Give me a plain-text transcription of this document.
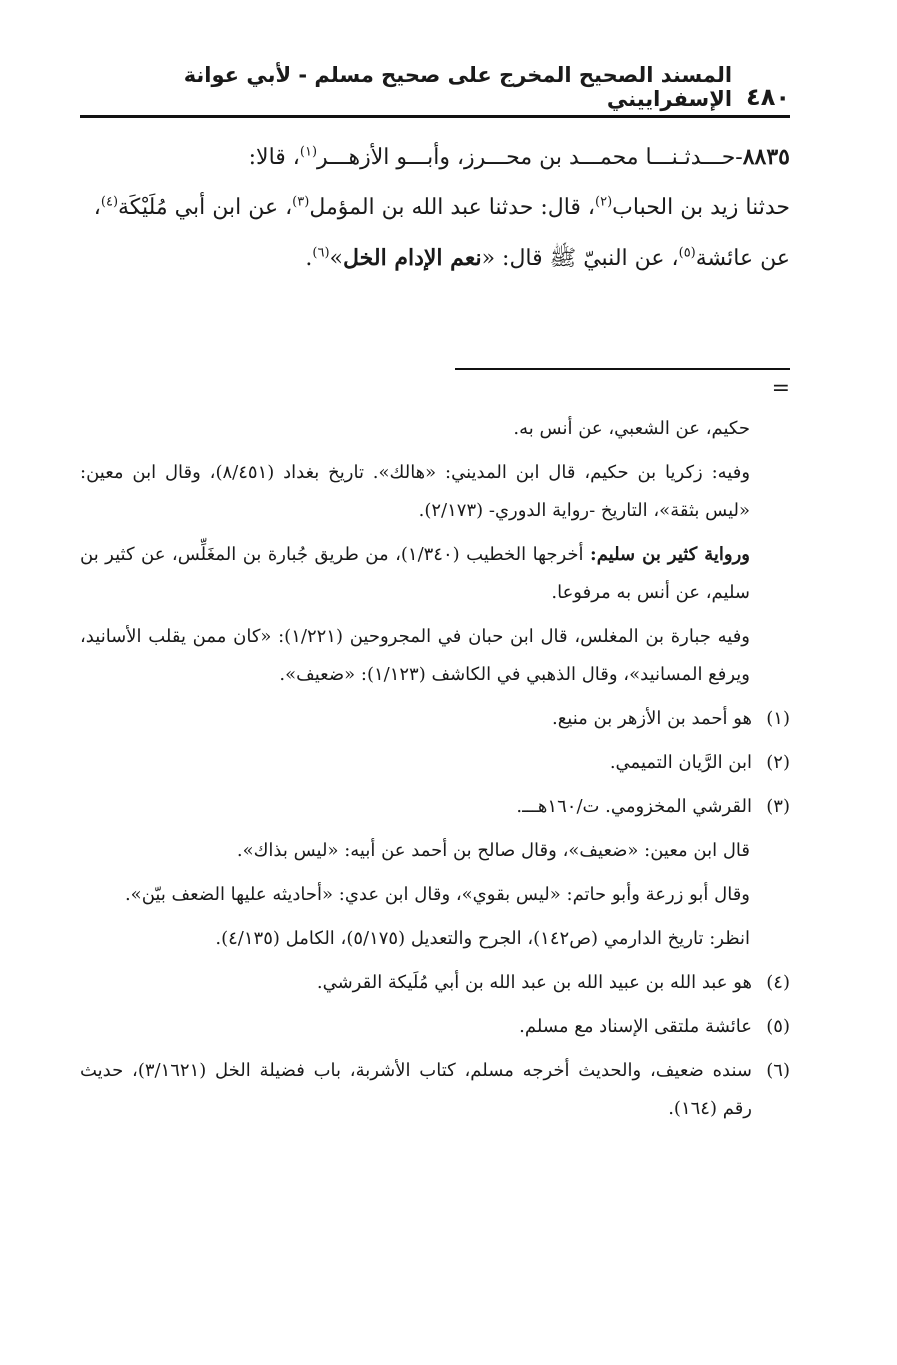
٤٨٠
المسند الصحيح المخرج على صحيح مسلم - لأبي عوانة الإسفراييني

٨٨٣٥-حـــدثـنـــا محمـــد بن محـــرز، وأبـــو الأزهـــر$^{(١)}$، قالا:

حدثنا زيد بن الحباب$^{(٢)}$، قال: حدثنا عبد الله بن المؤمل$^{(٣)}$، عن ابن أبي مُلَيْكَة$^{(٤)}$،

عن عائشة$^{(٥)}$، عن النبيّ ﷺ قال: «نعم الإدام الخل»$^{(٦)}$.

=

حكيم، عن الشعبي، عن أنس به.

وفيه: زكريا بن حكيم، قال ابن المديني: «هالك». تاريخ بغداد (٨/٤٥١)، وقال ابن معين: «ليس بثقة»، التاريخ -رواية الدوري- (٢/١٧٣).

ورواية كثير بن سليم: أخرجها الخطيب (١/٣٤٠)، من طريق جُبارة بن المغَلِّس، عن كثير بن سليم، عن أنس به مرفوعا.

وفيه جبارة بن المغلس، قال ابن حبان في المجروحين (١/٢٢١): «كان ممن يقلب الأسانيد، ويرفع المسانيد»، وقال الذهبي في الكاشف (١/١٢٣): «ضعيف».

(١)هو أحمد بن الأزهر بن منيع.

(٢)ابن الرَّيان التميمي.

(٣)القرشي المخزومي. ت/١٦٠هـــ.

قال ابن معين: «ضعيف»، وقال صالح بن أحمد عن أبيه: «ليس بذاك».

وقال أبو زرعة وأبو حاتم: «ليس بقوي»، وقال ابن عدي: «أحاديثه عليها الضعف بيّن».

انظر: تاريخ الدارمي (ص١٤٢)، الجرح والتعديل (٥/١٧٥)، الكامل (٤/١٣٥).

(٤)هو عبد الله بن عبيد الله بن عبد الله بن أبي مُلَيكة القرشي.

(٥)عائشة ملتقى الإسناد مع مسلم.

(٦)سنده ضعيف، والحديث أخرجه مسلم، كتاب الأشربة، باب فضيلة الخل (٣/١٦٢١)، حديث رقم (١٦٤).
